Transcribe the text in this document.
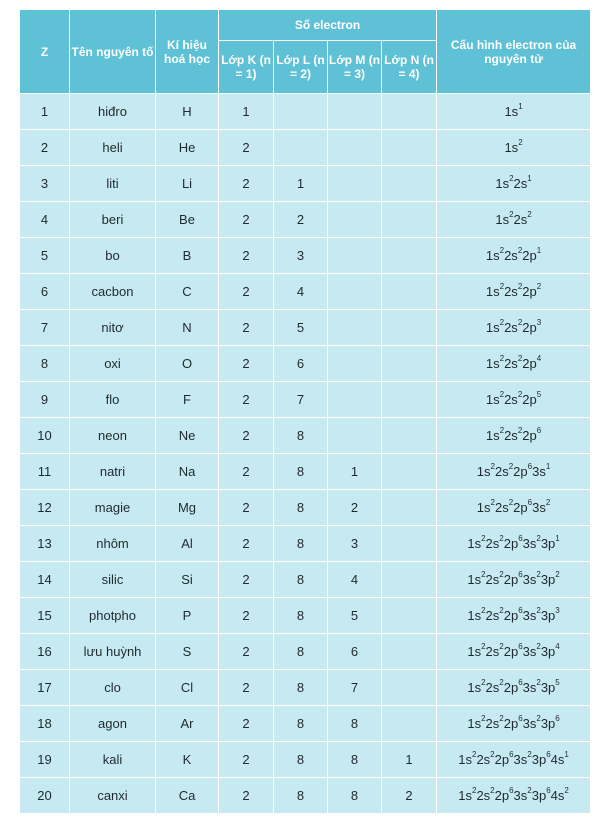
Z	Tên nguyên tố	Kí hiệu hoá học	Số electron				Cấu hình electron của nguyên tử
			Lớp K (n = 1)	Lớp L (n = 2)	Lớp M (n = 3)	Lớp N (n = 4)	
1	hiđro	H	1				$1s^1$
2	heli	He	2				$1s^2$
3	liti	Li	2	1			$1s^22s^1$
4	beri	Be	2	2			$1s^22s^2$
5	bo	B	2	3			$1s^22s^22p^1$
6	cacbon	C	2	4			$1s^22s^22p^2$
7	nitơ	N	2	5			$1s^22s^22p^3$
8	oxi	O	2	6			$1s^22s^22p^4$
9	flo	F	2	7			$1s^22s^22p^5$
10	neon	Ne	2	8			$1s^22s^22p^6$
11	natri	Na	2	8	1		$1s^22s^22p^63s^1$
12	magie	Mg	2	8	2		$1s^22s^22p^63s^2$
13	nhôm	Al	2	8	3		$1s^22s^22p^63s^23p^1$
14	silic	Si	2	8	4		$1s^22s^22p^63s^23p^2$
15	photpho	P	2	8	5		$1s^22s^22p^63s^23p^3$
16	lưu huỳnh	S	2	8	6		$1s^22s^22p^63s^23p^4$
17	clo	Cl	2	8	7		$1s^22s^22p^63s^23p^5$
18	agon	Ar	2	8	8		$1s^22s^22p^63s^23p^6$
19	kali	K	2	8	8	1	$1s^22s^22p^63s^23p^64s^1$
20	canxi	Ca	2	8	8	2	$1s^22s^22p^63s^23p^64s^2$
